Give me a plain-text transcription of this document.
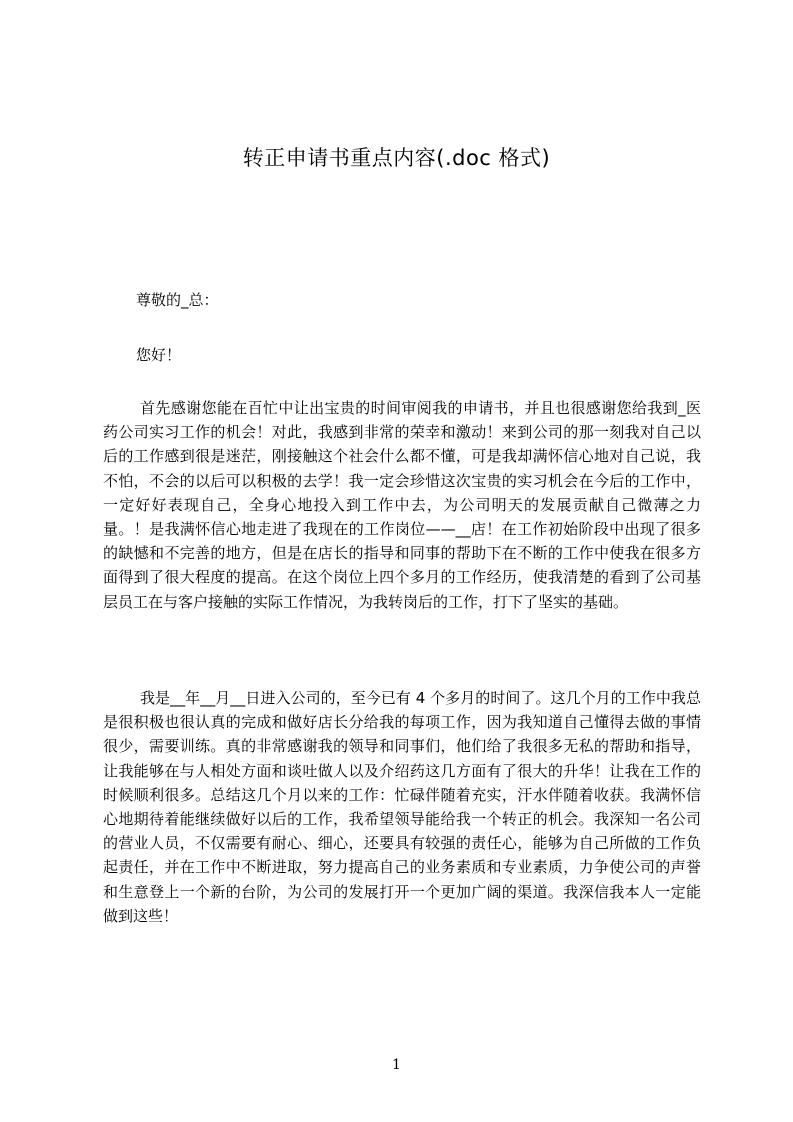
转正申请书重点内容(.doc 格式)
尊敬的_总：
您好！

首先感谢您能在百忙中让出宝贵的时间审阅我的申请书，并且也很感谢您给我到_医药公司实习工作的机会！对此，我感到非常的荣幸和激动！来到公司的那一刻我对自己以后的工作感到很是迷茫，刚接触这个社会什么都不懂，可是我却满怀信心地对自己说，我不怕，不会的以后可以积极的去学！我一定会珍惜这次宝贵的实习机会在今后的工作中，一定好好表现自己，全身心地投入到工作中去，为公司明天的发展贡献自己微薄之力 量。！是我满怀信心地走进了我现在的工作岗位——__店！在工作初始阶段中出现了很多的缺憾和不完善的地方，但是在店长的指导和同事的帮助下在不断的工作中使我在很多方面得到了很大程度的提高。在这个岗位上四个多月的工作经历，使我清楚的看到了公司基层员工在与客户接触的实际工作情况，为我转岗后的工作，打下了坚实的基础。

我是__年__月__日进入公司的，至今已有 4 个多月的时间了。这几个月的工作中我总是很积极也很认真的完成和做好店长分给我的每项工作，因为我知道自己懂得去做的事情很少，需要训练。真的非常感谢我的领导和同事们，他们给了我很多无私的帮助和指导，让我能够在与人相处方面和谈吐做人以及介绍药这几方面有了很大的升华！让我在工作的时候顺利很多。总结这几个月以来的工作：忙碌伴随着充实，汗水伴随着收获。我满怀信心地期待着能继续做好以后的工作，我希望领导能给我一个转正的机会。我深知一名公司的营业人员，不仅需要有耐心、细心，还要具有较强的责任心，能够为自己所做的工作负起责任，并在工作中不断进取，努力提高自己的业务素质和专业素质，力争使公司的声誉和生意登上一个新的台阶，为公司的发展打开一个更加广阔的渠道。我深信我本人一定能做到这些！

1
